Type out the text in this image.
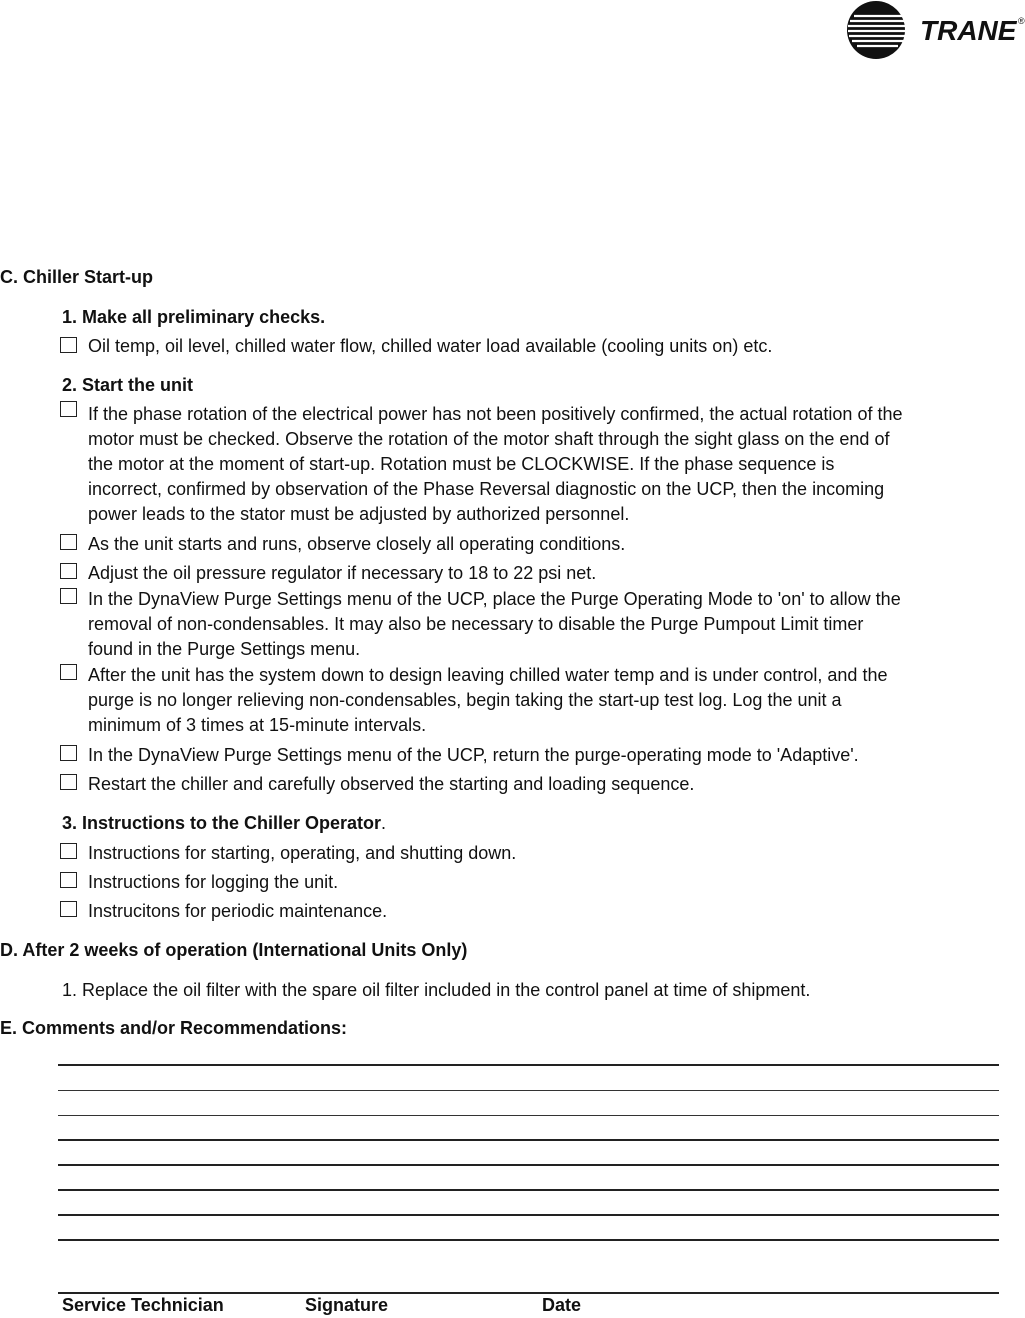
TRANE ®
C. Chiller Start-up
1. Make all preliminary checks.
Oil temp, oil level, chilled water flow, chilled water load available (cooling units on) etc.
2. Start the unit
If the phase rotation of the electrical power has not been positively confirmed, the actual rotation of the
motor must be checked. Observe the rotation of the motor shaft through the sight glass on the end of
the motor at the moment of start-up. Rotation must be CLOCKWISE. If the phase sequence is
incorrect, confirmed by observation of the Phase Reversal diagnostic on the UCP, then the incoming
power leads to the stator must be adjusted by authorized personnel.
As the unit starts and runs, observe closely all operating conditions.
Adjust the oil pressure regulator if necessary to 18 to 22 psi net.
In the DynaView Purge Settings menu of the UCP, place the Purge Operating Mode to 'on' to allow the
removal of non-condensables. It may also be necessary to disable the Purge Pumpout Limit timer
found in the Purge Settings menu.
After the unit has the system down to design leaving chilled water temp and is under control, and the
purge is no longer relieving non-condensables, begin taking the start-up test log. Log the unit a
minimum of 3 times at 15-minute intervals.
In the DynaView Purge Settings menu of the UCP, return the purge-operating mode to 'Adaptive'.
Restart the chiller and carefully observed the starting and loading sequence.
3. Instructions to the Chiller Operator.
Instructions for starting, operating, and shutting down.
Instructions for logging the unit.
Instrucitons for periodic maintenance.
D. After 2 weeks of operation (International Units Only)
1. Replace the oil filter with the spare oil filter included in the control panel at time of shipment.
E. Comments and/or Recommendations:
Service Technician	Signature	Date
